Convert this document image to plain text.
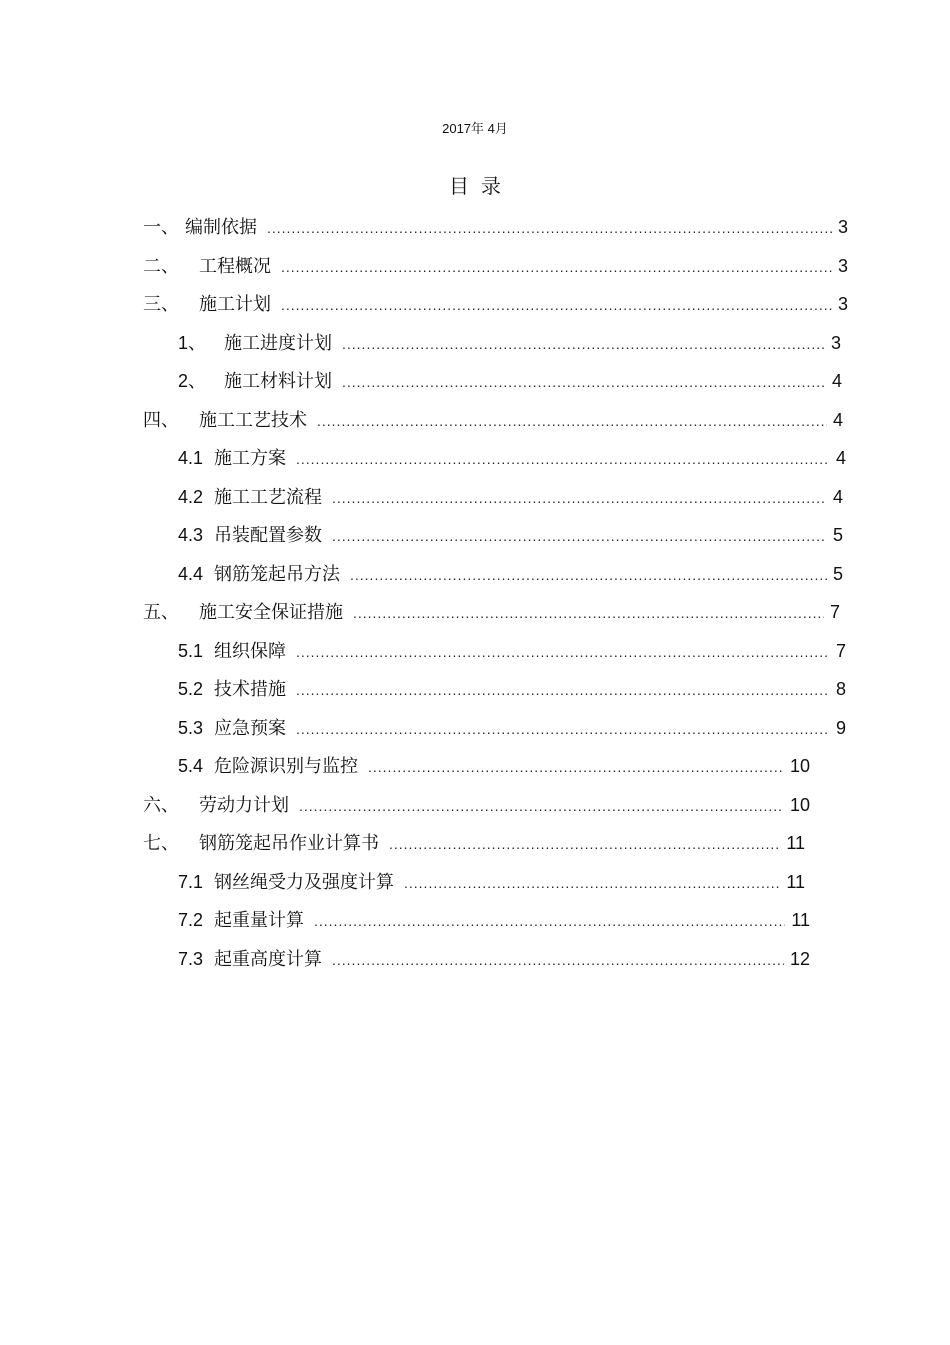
2017年 4月
目录
一、 编制依据 .....	3
二、	工程概况 .....	3
三、	施工计划 .....	3
1、 施工进度计划 .....	3
2、 施工材料计划 .....	4
四、	施工工艺技术 .....	4
4.1 施工方案 .....	4
4.2 施工工艺流程 .....	4
4.3 吊装配置参数 .....	5
4.4 钢筋笼起吊方法 .....	5
五、	施工安全保证措施 .....	7
5.1 组织保障 .....	7
5.2 技术措施 .....	8
5.3 应急预案 .....	9
5.4 危险源识别与监控 .....	10
六、	劳动力计划 .....	10
七、	钢筋笼起吊作业计算书 .....	11
7.1 钢丝绳受力及强度计算 .....	11
7.2 起重量计算 .....	11
7.3 起重高度计算 .....	12
